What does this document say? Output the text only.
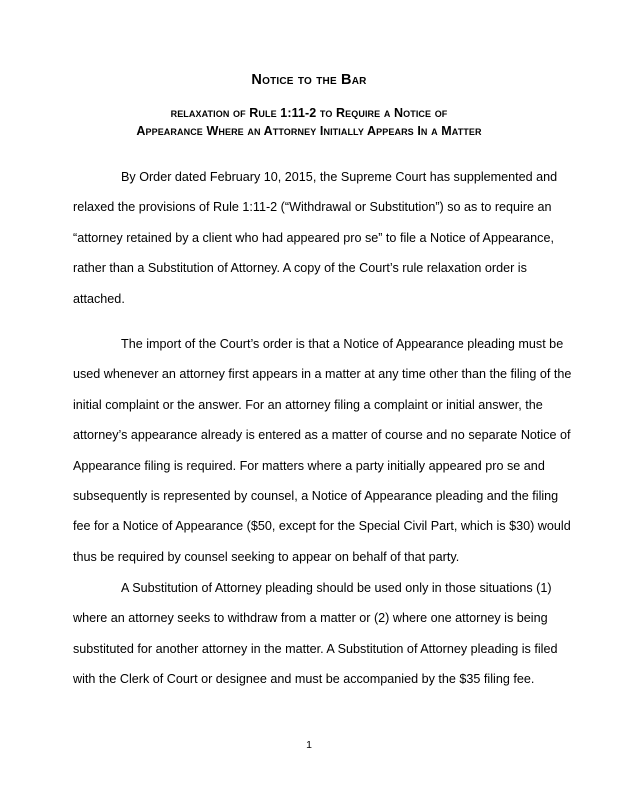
Notice to the Bar
relaxation of Rule 1:11-2 to Require a Notice of
Appearance Where an Attorney Initially Appears In a Matter
By Order dated February 10, 2015, the Supreme Court has supplemented and
relaxed the provisions of Rule 1:11-2 (“Withdrawal or Substitution”) so as to require an
“attorney retained by a client who had appeared pro se” to file a Notice of Appearance,
rather than a Substitution of Attorney. A copy of the Court’s rule relaxation order is
attached.
The import of the Court’s order is that a Notice of Appearance pleading must be
used whenever an attorney first appears in a matter at any time other than the filing of the
initial complaint or the answer. For an attorney filing a complaint or initial answer, the
attorney’s appearance already is entered as a matter of course and no separate Notice of
Appearance filing is required. For matters where a party initially appeared pro se and
subsequently is represented by counsel, a Notice of Appearance pleading and the filing
fee for a Notice of Appearance ($50, except for the Special Civil Part, which is $30) would
thus be required by counsel seeking to appear on behalf of that party.
A Substitution of Attorney pleading should be used only in those situations (1)
where an attorney seeks to withdraw from a matter or (2) where one attorney is being
substituted for another attorney in the matter. A Substitution of Attorney pleading is filed
with the Clerk of Court or designee and must be accompanied by the $35 filing fee.
1
